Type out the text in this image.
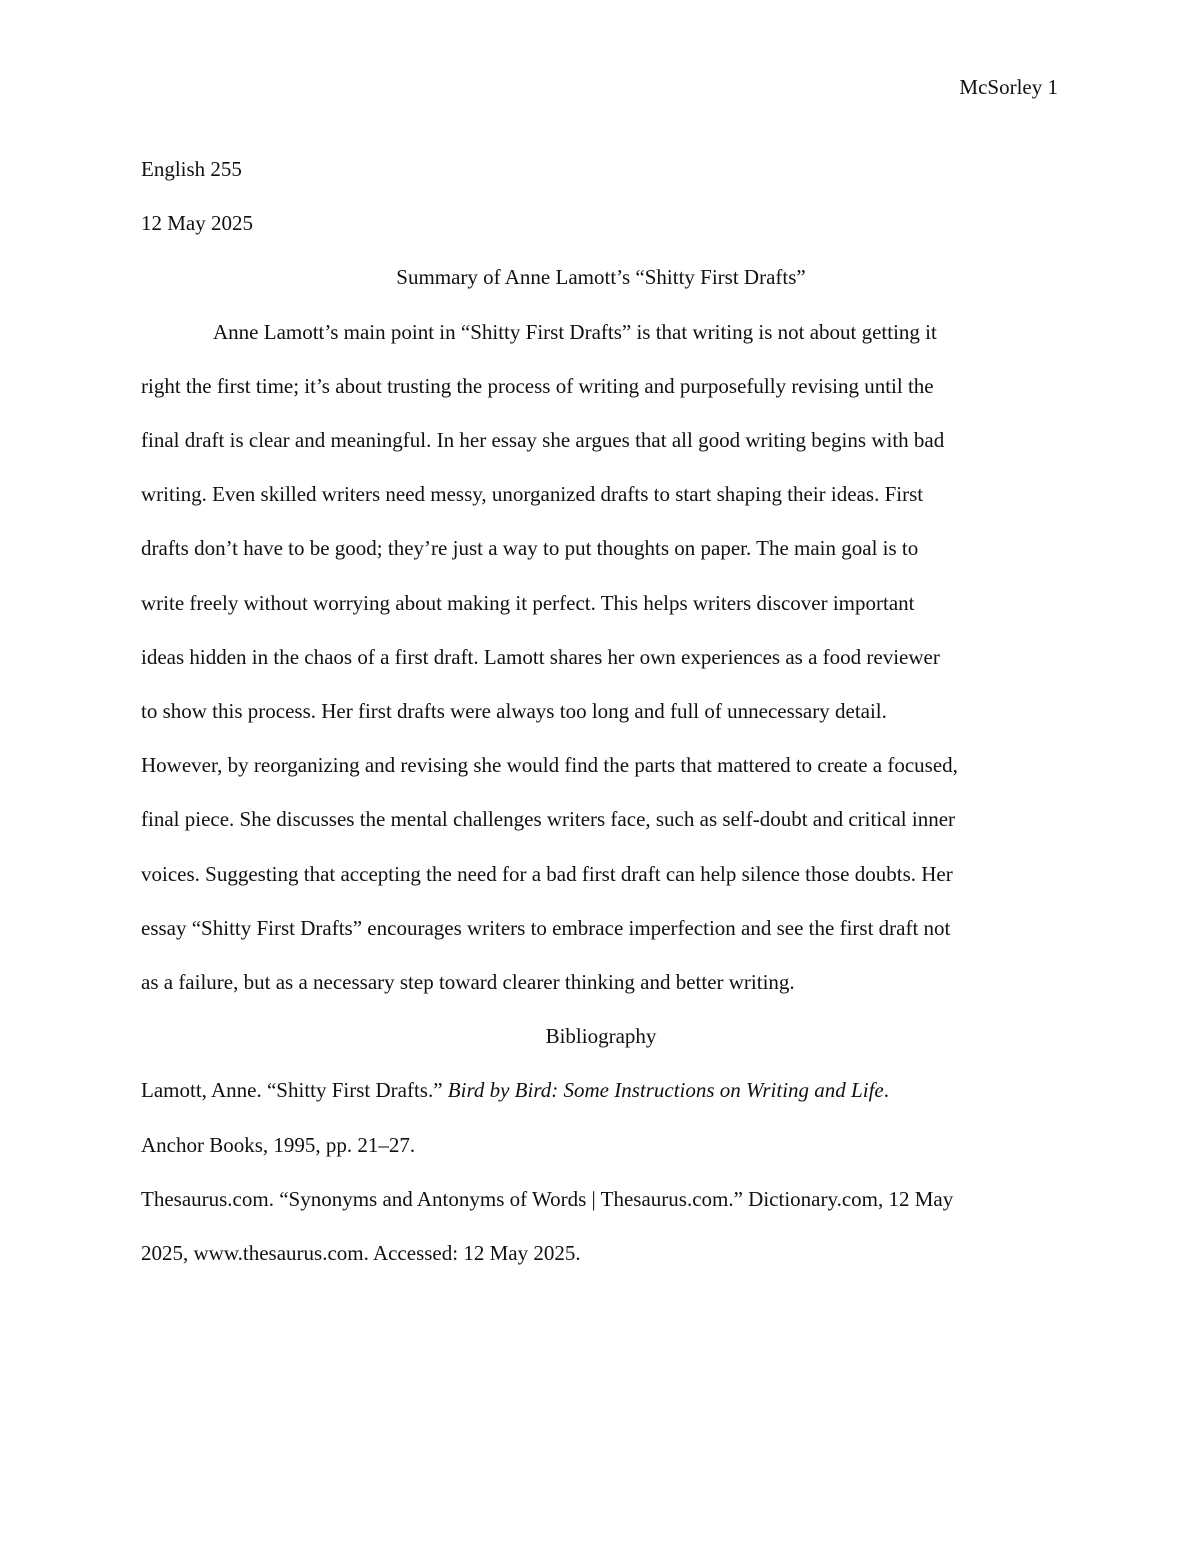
McSorley 1

English 255

12 May 2025

Summary of Anne Lamott’s “Shitty First Drafts”

Anne Lamott’s main point in “Shitty First Drafts” is that writing is not about getting it

right the first time; it’s about trusting the process of writing and purposefully revising until the

final draft is clear and meaningful. In her essay she argues that all good writing begins with bad

writing. Even skilled writers need messy, unorganized drafts to start shaping their ideas. First

drafts don’t have to be good; they’re just a way to put thoughts on paper. The main goal is to

write freely without worrying about making it perfect. This helps writers discover important

ideas hidden in the chaos of a first draft. Lamott shares her own experiences as a food reviewer

to show this process. Her first drafts were always too long and full of unnecessary detail.

However, by reorganizing and revising she would find the parts that mattered to create a focused,

final piece. She discusses the mental challenges writers face, such as self-doubt and critical inner

voices. Suggesting that accepting the need for a bad first draft can help silence those doubts. Her

essay “Shitty First Drafts” encourages writers to embrace imperfection and see the first draft not

as a failure, but as a necessary step toward clearer thinking and better writing.

Bibliography

Lamott, Anne. “Shitty First Drafts.” Bird by Bird: Some Instructions on Writing and Life.

Anchor Books, 1995, pp. 21–27.

Thesaurus.com. “Synonyms and Antonyms of Words | Thesaurus.com.” Dictionary.com, 12 May

2025, www.thesaurus.com. Accessed: 12 May 2025.
